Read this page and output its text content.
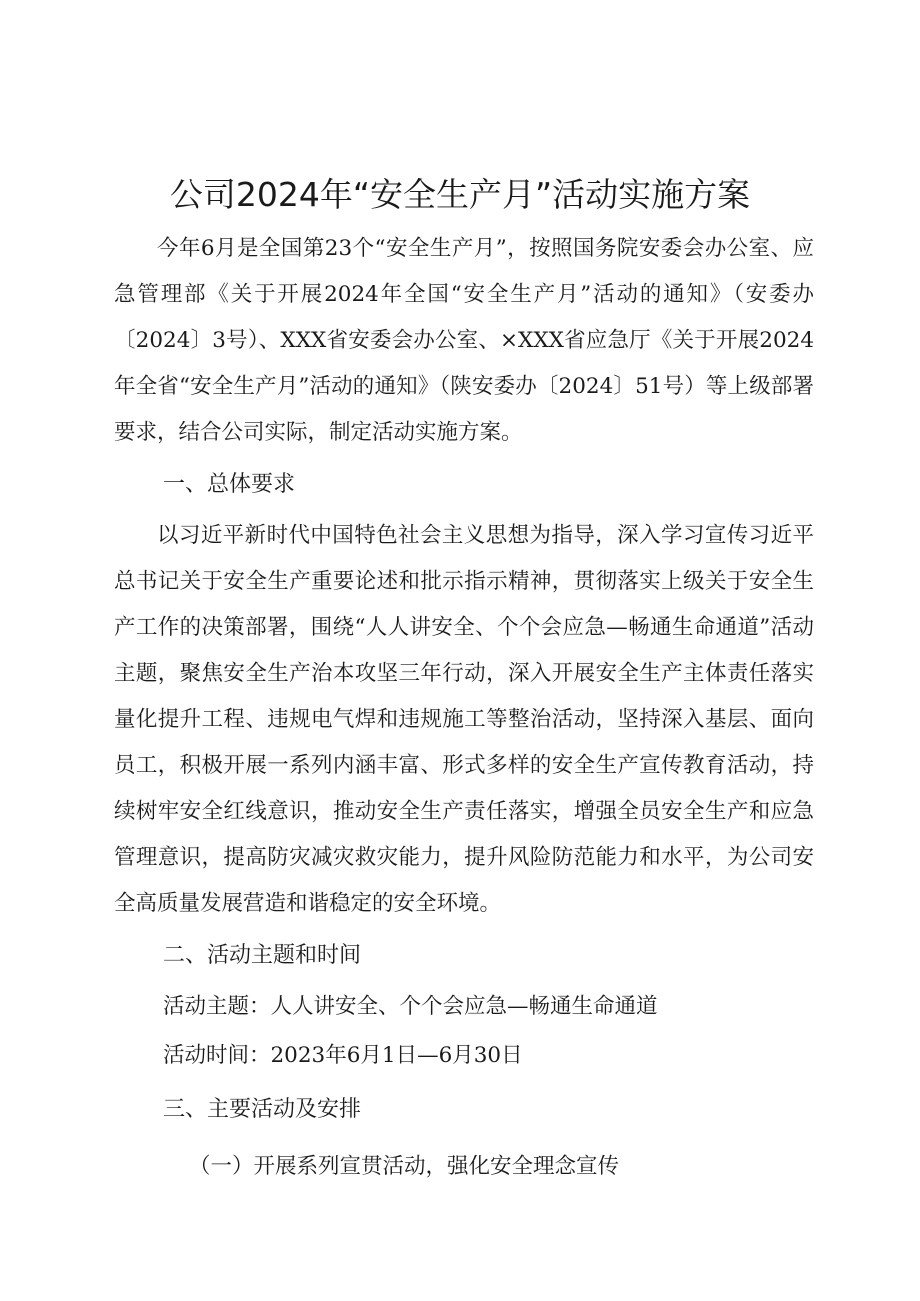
公司2024年“安全生产月”活动实施方案

今年6月是全国第23个“安全生产月”，按照国务院安委会办公室、应急管理部《关于开展2024年全国“安全生产月”活动的通知》（安委办〔2024〕3号）、XXX省安委会办公室、×XXX省应急厅《关于开展2024年全省“安全生产月”活动的通知》（陕安委办〔2024〕51号）等上级部署要求，结合公司实际，制定活动实施方案。

一、总体要求

以习近平新时代中国特色社会主义思想为指导，深入学习宣传习近平总书记关于安全生产重要论述和批示指示精神，贯彻落实上级关于安全生产工作的决策部署，围绕“人人讲安全、个个会应急—畅通生命通道”活动主题，聚焦安全生产治本攻坚三年行动，深入开展安全生产主体责任落实量化提升工程、违规电气焊和违规施工等整治活动，坚持深入基层、面向员工，积极开展一系列内涵丰富、形式多样的安全生产宣传教育活动，持续树牢安全红线意识，推动安全生产责任落实，增强全员安全生产和应急管理意识，提高防灾减灾救灾能力，提升风险防范能力和水平，为公司安全高质量发展营造和谐稳定的安全环境。

二、活动主题和时间

活动主题：人人讲安全、个个会应急—畅通生命通道

活动时间：2023年6月1日—6月30日

三、主要活动及安排

（一）开展系列宣贯活动，强化安全理念宣传
